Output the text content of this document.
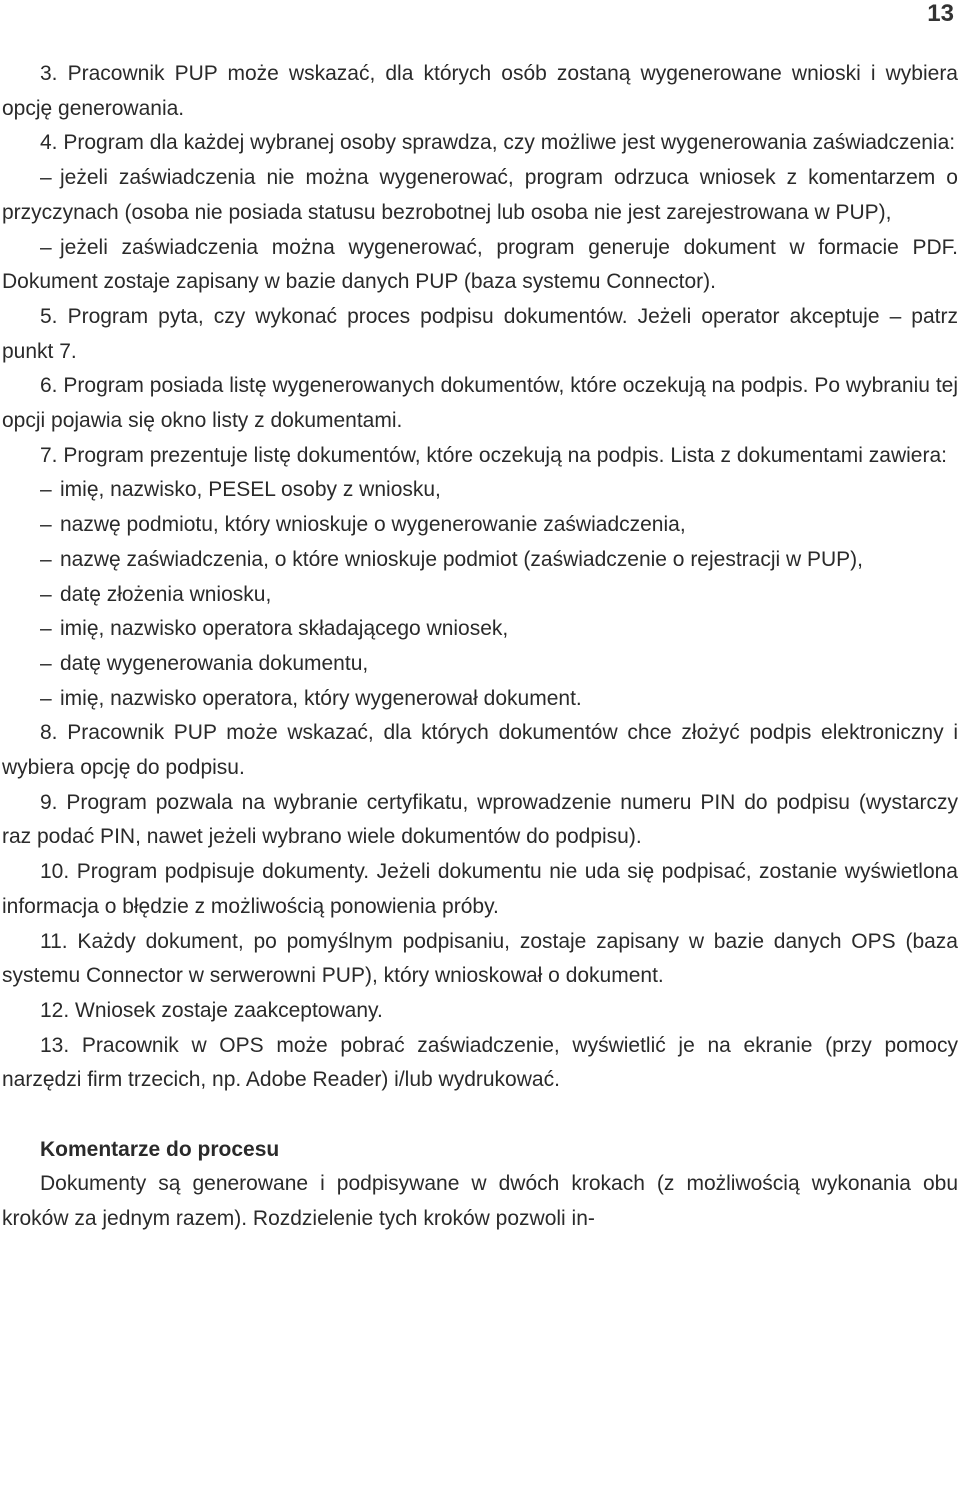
13

3. Pracownik PUP może wskazać, dla których osób zostaną wygenerowane wnioski i wybiera opcję generowania.

4. Program dla każdej wybranej osoby sprawdza, czy możliwe jest wygenerowania zaświadczenia:

– jeżeli zaświadczenia nie można wygenerować, program odrzuca wniosek z komentarzem o przyczynach (osoba nie posiada statusu bezrobotnej lub osoba nie jest zarejestrowana w PUP),

– jeżeli zaświadczenia można wygenerować, program generuje dokument w formacie PDF. Dokument zostaje zapisany w bazie danych PUP (baza systemu Connector).

5. Program pyta, czy wykonać proces podpisu dokumentów. Jeżeli operator akceptuje – patrz punkt 7.

6. Program posiada listę wygenerowanych dokumentów, które oczekują na podpis. Po wybraniu tej opcji pojawia się okno listy z dokumentami.

7. Program prezentuje listę dokumentów, które oczekują na podpis. Lista z dokumentami zawiera:

– imię, nazwisko, PESEL osoby z wniosku,

– nazwę podmiotu, który wnioskuje o wygenerowanie zaświadczenia,

– nazwę zaświadczenia, o które wnioskuje podmiot (zaświadczenie o rejestracji w PUP),

– datę złożenia wniosku,

– imię, nazwisko operatora składającego wniosek,

– datę wygenerowania dokumentu,

– imię, nazwisko operatora, który wygenerował dokument.

8. Pracownik PUP może wskazać, dla których dokumentów chce złożyć podpis elektroniczny i wybiera opcję do podpisu.

9. Program pozwala na wybranie certyfikatu, wprowadzenie numeru PIN do podpisu (wystarczy raz podać PIN, nawet jeżeli wybrano wiele dokumentów do podpisu).

10. Program podpisuje dokumenty. Jeżeli dokumentu nie uda się podpisać, zostanie wyświetlona informacja o błędzie z możliwością ponowienia próby.

11. Każdy dokument, po pomyślnym podpisaniu, zostaje zapisany w bazie danych OPS (baza systemu Connector w serwerowni PUP), który wnioskował o dokument.

12. Wniosek zostaje zaakceptowany.

13. Pracownik w OPS może pobrać zaświadczenie, wyświetlić je na ekranie (przy pomocy narzędzi firm trzecich, np. Adobe Reader) i/lub wydrukować.

Komentarze do procesu

Dokumenty są generowane i podpisywane w dwóch krokach (z możliwością wykonania obu kroków za jednym razem). Rozdzielenie tych kroków pozwoli in-
